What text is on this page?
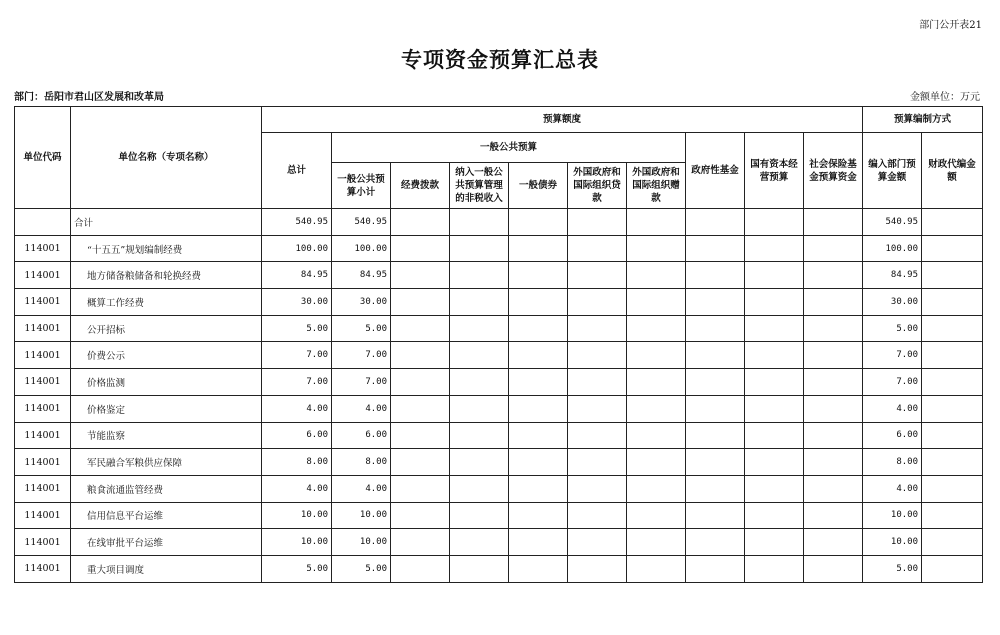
部门公开表21
专项资金预算汇总表
部门：岳阳市君山区发展和改革局	金额单位：万元
单位代码	单位名称（专项名称）	预算额度										预算编制方式	
		总计	一般公共预算						政府性基金	国有资本经营预算	社会保险基金预算资金	编入部门预算金额	财政代编金额
			一般公共预算小计	经费拨款	纳入一般公共预算管理的非税收入	一般债券	外国政府和国际组织贷款	外国政府和国际组织赠款					
	合计	540.95	540.95									540.95	
114001	“十五五”规划编制经费	100.00	100.00									100.00	
114001	地方储备粮储备和轮换经费	84.95	84.95									84.95	
114001	概算工作经费	30.00	30.00									30.00	
114001	公开招标	5.00	5.00									5.00	
114001	价费公示	7.00	7.00									7.00	
114001	价格监测	7.00	7.00									7.00	
114001	价格鉴定	4.00	4.00									4.00	
114001	节能监察	6.00	6.00									6.00	
114001	军民融合军粮供应保障	8.00	8.00									8.00	
114001	粮食流通监管经费	4.00	4.00									4.00	
114001	信用信息平台运维	10.00	10.00									10.00	
114001	在线审批平台运维	10.00	10.00									10.00	
114001	重大项目调度	5.00	5.00									5.00	
